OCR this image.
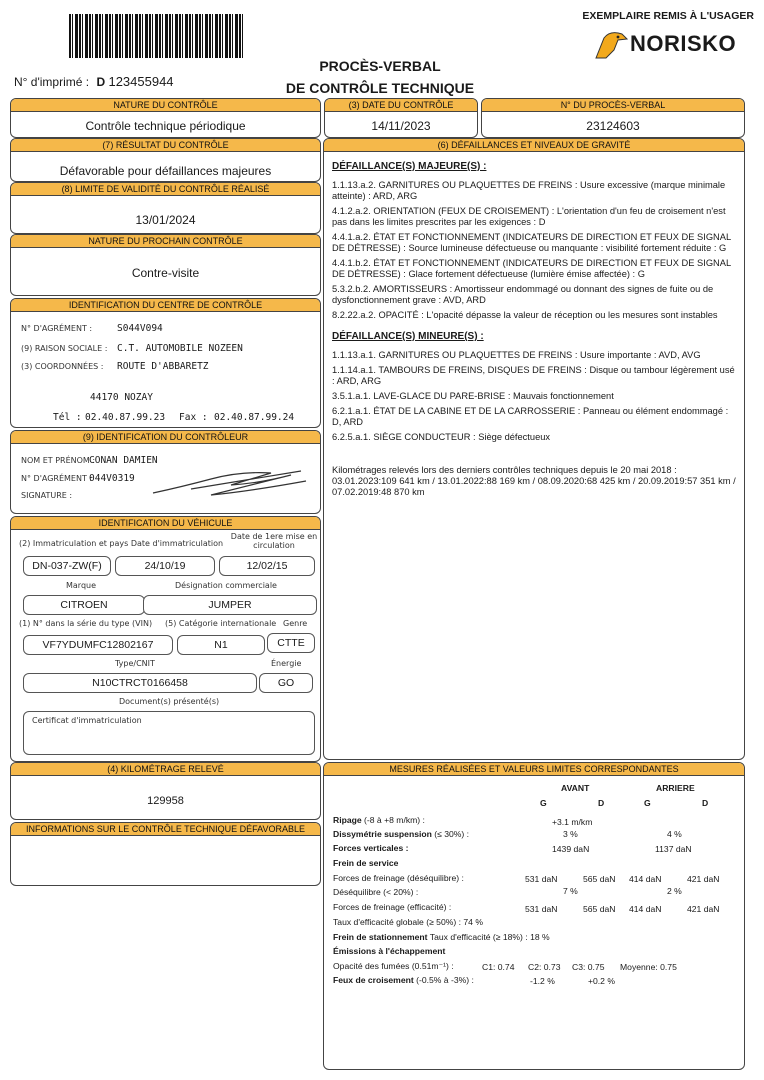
EXEMPLAIRE REMIS À L'USAGER
NORISKO
PROCÈS-VERBAL
DE CONTRÔLE TECHNIQUE
N° d'imprimé : D 123455944
NATURE DU CONTRÔLE
Contrôle technique périodique
(3) DATE DU CONTRÔLE
14/11/2023
N° DU PROCÈS-VERBAL
23124603
(7) RÉSULTAT DU CONTRÔLE
Défavorable pour défaillances majeures
(8) LIMITE DE VALIDITÉ DU CONTRÔLE RÉALISÉ
13/01/2024
NATURE DU PROCHAIN CONTRÔLE
Contre-visite
IDENTIFICATION DU CENTRE DE CONTRÔLE
N° D'AGRÉMENT :	S044V094
(9) RAISON SOCIALE : C.T. AUTOMOBILE NOZEEN
(3) COORDONNÉES : ROUTE D'ABBARETZ
44170 NOZAY
Tél : 02.40.87.99.23 Fax : 02.40.87.99.24
(9) IDENTIFICATION DU CONTRÔLEUR
NOM ET PRÉNOM :
CONAN DAMIEN
N° D'AGRÉMENT :
044V0319
SIGNATURE :
IDENTIFICATION DU VÉHICULE
(2) Immatriculation et pays Date d'immatriculation
Date de 1ere mise en circulation
DN-037-ZW(F)	24/10/19	12/02/15
Marque	Désignation commerciale
CITROEN	JUMPER
(1) N° dans la série du type (VIN) (5) Catégorie internationale Genre
VF7YDUMFC12802167	N1	CTTE
Type/CNIT	Énergie
N10CTRCT0166458	GO
Document(s) présenté(s)
Certificat d'immatriculation
(4) KILOMÉTRAGE RELEVÉ
129958
INFORMATIONS SUR LE CONTRÔLE TECHNIQUE DÉFAVORABLE
(6) DÉFAILLANCES ET NIVEAUX DE GRAVITÉ
DÉFAILLANCE(S) MAJEURE(S) :

1.1.13.a.2. GARNITURES OU PLAQUETTES DE FREINS : Usure excessive (marque minimale atteinte) : ARD, ARG

4.1.2.a.2. ORIENTATION (FEUX DE CROISEMENT) : L'orientation d'un feu de croisement n'est pas dans les limites prescrites par les exigences : D

4.4.1.a.2. ÉTAT ET FONCTIONNEMENT (INDICATEURS DE DIRECTION ET FEUX DE SIGNAL DE DÉTRESSE) : Source lumineuse défectueuse ou manquante : visibilité fortement réduite : G

4.4.1.b.2. ÉTAT ET FONCTIONNEMENT (INDICATEURS DE DIRECTION ET FEUX DE SIGNAL DE DÉTRESSE) : Glace fortement défectueuse (lumière émise affectée) : G

5.3.2.b.2. AMORTISSEURS : Amortisseur endommagé ou donnant des signes de fuite ou de dysfonctionnement grave : AVD, ARD

8.2.22.a.2. OPACITÉ : L'opacité dépasse la valeur de réception ou les mesures sont instables

DÉFAILLANCE(S) MINEURE(S) :

1.1.13.a.1. GARNITURES OU PLAQUETTES DE FREINS : Usure importante : AVD, AVG

1.1.14.a.1. TAMBOURS DE FREINS, DISQUES DE FREINS : Disque ou tambour légèrement usé : ARD, ARG

3.5.1.a.1. LAVE-GLACE DU PARE-BRISE : Mauvais fonctionnement

6.2.1.a.1. ÉTAT DE LA CABINE ET DE LA CARROSSERIE : Panneau ou élément endommagé : D, ARD

6.2.5.a.1. SIÈGE CONDUCTEUR : Siège défectueux

Kilométrages relevés lors des derniers contrôles techniques depuis le 20 mai 2018 : 03.01.2023:109 641 km / 13.01.2022:88 169 km / 08.09.2020:68 425 km / 20.09.2019:57 351 km / 07.02.2019:48 870 km

MESURES RÉALISÉES ET VALEURS LIMITES CORRESPONDANTES
AVANT	ARRIERE
G	D	G	D
Ripage (-8 à +8 m/km) :	+3.1 m/km
Dissymétrie suspension (≤ 30%) :	3 %	4 %
Forces verticales :	1439 daN	1137 daN
Frein de service
Forces de freinage (déséquilibre) :	531 daN	565 daN 414 daN	421 daN
Déséquilibre (< 20%) :	7 %	2 %
Forces de freinage (efficacité) :	531 daN	565 daN 414 daN	421 daN
Taux d'efficacité globale (≥ 50%) : 74 %
Frein de stationnement Taux d'efficacité (≥ 18%) : 18 %
Émissions à l'échappement
Opacité des fumées (0.51m⁻¹) :	C1: 0.74 C2: 0.73 C3: 0.75 Moyenne: 0.75
Feux de croisement (-0.5% à -3%) :	-1.2 %	+0.2 %
